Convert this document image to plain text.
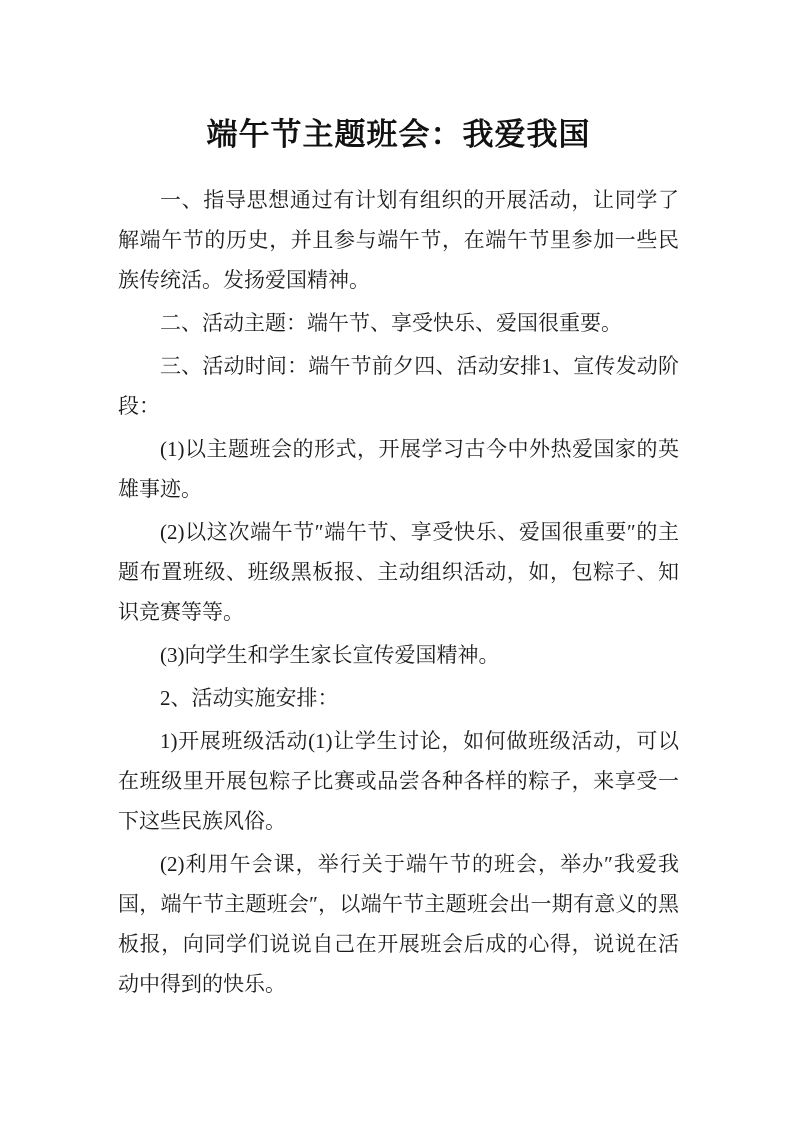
端午节主题班会：我爱我国

一、指导思想通过有计划有组织的开展活动，让同学了解端午节的历史，并且参与端午节，在端午节里参加一些民族传统活。发扬爱国精神。

二、活动主题：端午节、享受快乐、爱国很重要。

三、活动时间：端午节前夕四、活动安排1、宣传发动阶段：

(1)以主题班会的形式，开展学习古今中外热爱国家的英雄事迹。

(2)以这次端午节″端午节、享受快乐、爱国很重要″的主题布置班级、班级黑板报、主动组织活动，如，包粽子、知识竞赛等等。

(3)向学生和学生家长宣传爱国精神。

2、活动实施安排：

1)开展班级活动(1)让学生讨论，如何做班级活动，可以在班级里开展包粽子比赛或品尝各种各样的粽子，来享受一下这些民族风俗。

(2)利用午会课，举行关于端午节的班会，举办″我爱我国，端午节主题班会″，以端午节主题班会出一期有意义的黑板报，向同学们说说自己在开展班会后成的心得，说说在活动中得到的快乐。
